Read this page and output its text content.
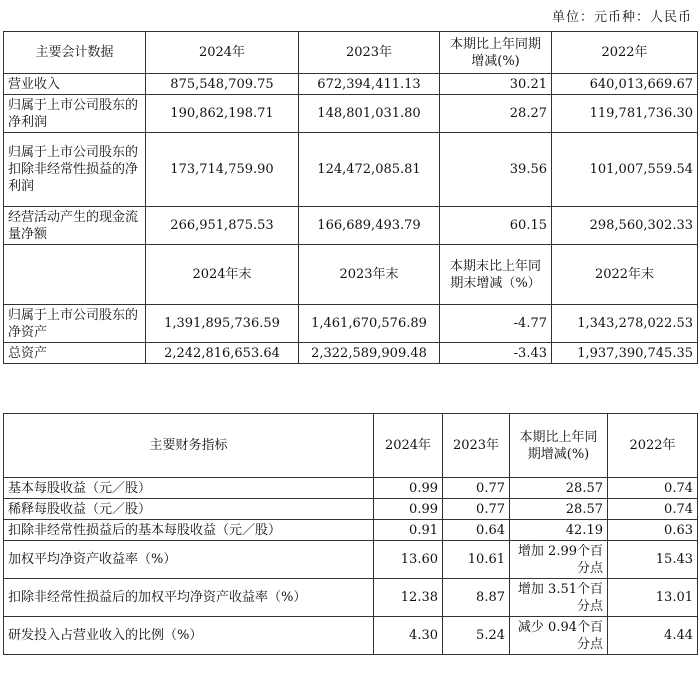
单位：元币种：人民币
主要会计数据	2024年	2023年	本期比上年同期增减(%)	2022年
营业收入	875,548,709.75	672,394,411.13	30.21	640,013,669.67
归属于上市公司股东的净利润	190,862,198.71	148,801,031.80	28.27	119,781,736.30
归属于上市公司股东的扣除非经常性损益的净利润	173,714,759.90	124,472,085.81	39.56	101,007,559.54
经营活动产生的现金流量净额	266,951,875.53	166,689,493.79	60.15	298,560,302.33
	2024年末	2023年末	本期末比上年同期末增减（%）	2022年末
归属于上市公司股东的净资产	1,391,895,736.59	1,461,670,576.89	-4.77	1,343,278,022.53
总资产	2,242,816,653.64	2,322,589,909.48	-3.43	1,937,390,745.35
主要财务指标	2024年	2023年	本期比上年同期增减(%)	2022年
基本每股收益（元／股）	0.99	0.77	28.57	0.74
稀释每股收益（元／股）	0.99	0.77	28.57	0.74
扣除非经常性损益后的基本每股收益（元／股）	0.91	0.64	42.19	0.63
加权平均净资产收益率（%）	13.60	10.61	增加 2.99个百分点	15.43
扣除非经常性损益后的加权平均净资产收益率（%）	12.38	8.87	增加 3.51个百分点	13.01
研发投入占营业收入的比例（%）	4.30	5.24	减少 0.94个百分点	4.44
